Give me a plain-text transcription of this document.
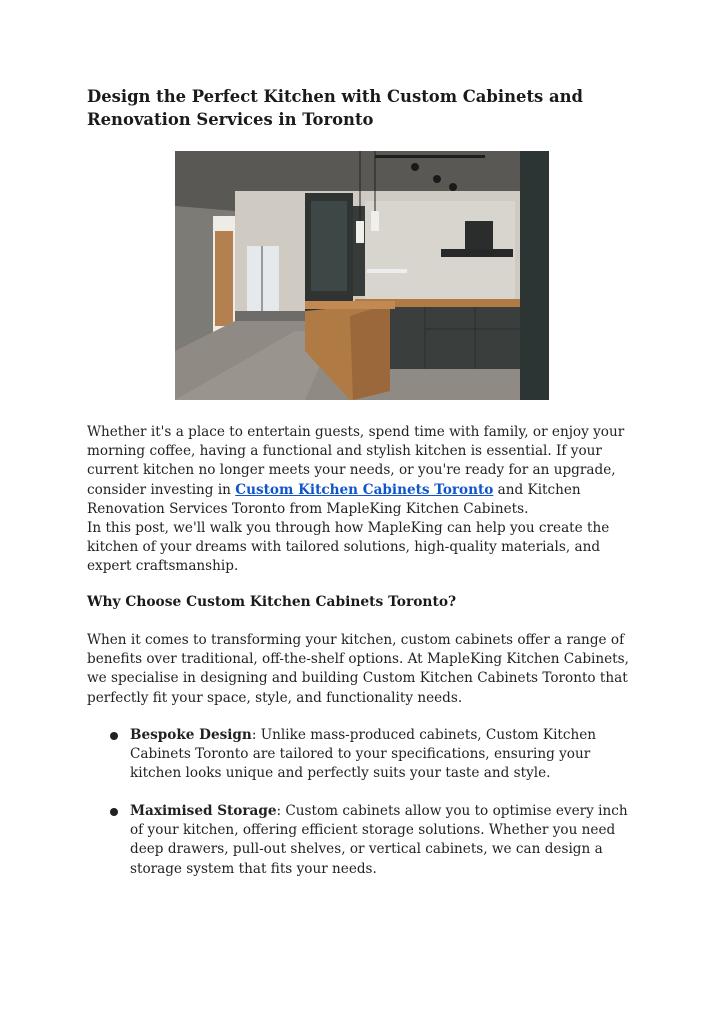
Design the Perfect Kitchen with Custom Cabinets and
Renovation Services in Toronto
Whether it's a place to entertain guests, spend time with family, or enjoy your morning coffee, having a functional and stylish kitchen is essential. If your current kitchen no longer meets your needs, or you're ready for an upgrade, consider investing in Custom Kitchen Cabinets Toronto and Kitchen Renovation Services Toronto from MapleKing Kitchen Cabinets.
In this post, we'll walk you through how MapleKing can help you create the kitchen of your dreams with tailored solutions, high-quality materials, and expert craftsmanship.
Why Choose Custom Kitchen Cabinets Toronto?
When it comes to transforming your kitchen, custom cabinets offer a range of benefits over traditional, off-the-shelf options. At MapleKing Kitchen Cabinets, we specialise in designing and building Custom Kitchen Cabinets Toronto that perfectly fit your space, style, and functionality needs.
Bespoke Design: Unlike mass-produced cabinets, Custom Kitchen Cabinets Toronto are tailored to your specifications, ensuring your kitchen looks unique and perfectly suits your taste and style.
Maximised Storage: Custom cabinets allow you to optimise every inch of your kitchen, offering efficient storage solutions. Whether you need deep drawers, pull-out shelves, or vertical cabinets, we can design a storage system that fits your needs.
